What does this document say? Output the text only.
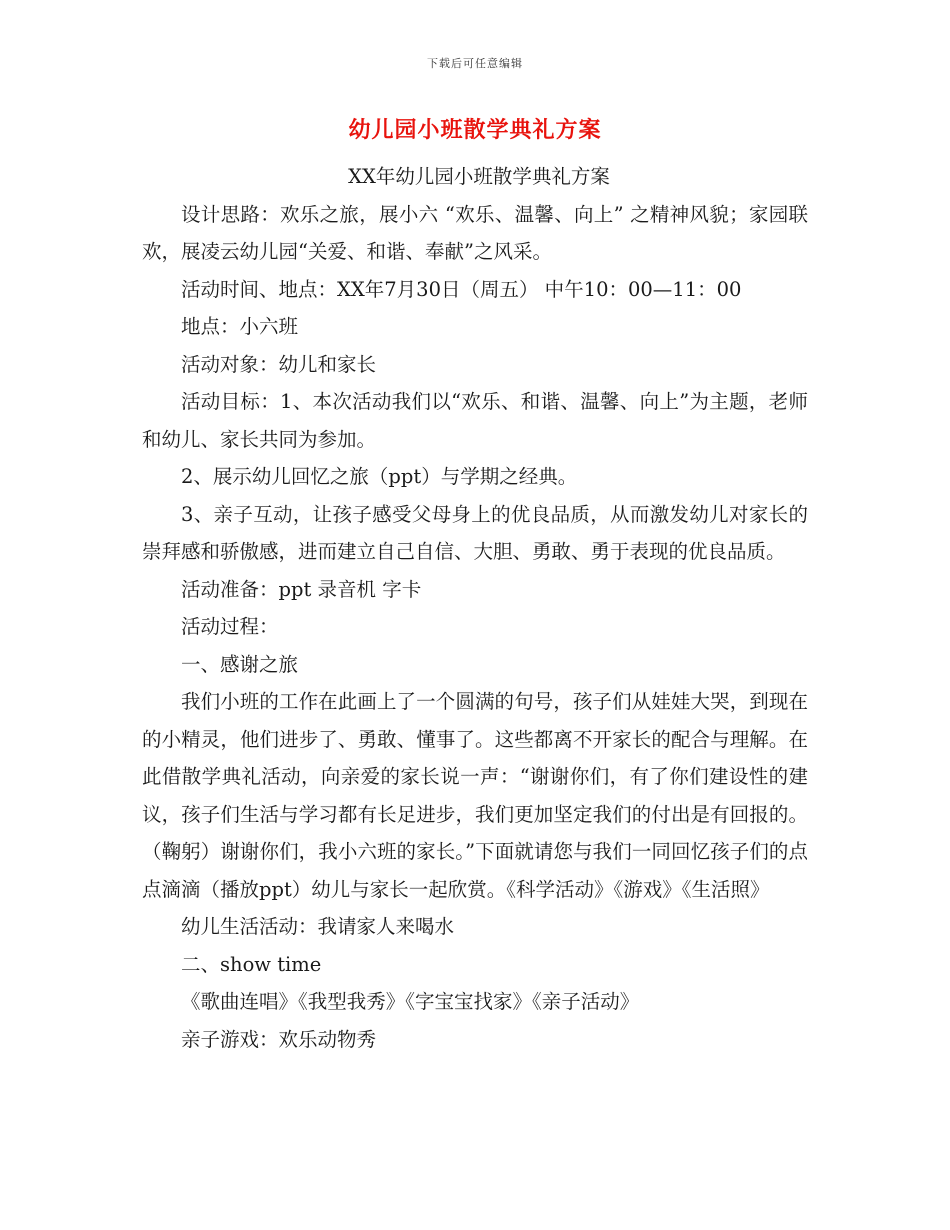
下载后可任意编辑
幼儿园小班散学典礼方案

XX年幼儿园小班散学典礼方案

设计思路：欢乐之旅，展小六 “欢乐、温馨、向上” 之精神风貌；家园联欢，展凌云幼儿园“关爱、和谐、奉献”之风采。

活动时间、地点：XX年7月30日（周五） 中午10：00—11：00

地点：小六班

活动对象：幼儿和家长

活动目标：1、本次活动我们以“欢乐、和谐、温馨、向上”为主题，老师和幼儿、家长共同为参加。

2、展示幼儿回忆之旅（ppt）与学期之经典。

3、亲子互动，让孩子感受父母身上的优良品质，从而激发幼儿对家长的崇拜感和骄傲感，进而建立自己自信、大胆、勇敢、勇于表现的优良品质。

活动准备：ppt 录音机 字卡

活动过程：

一、感谢之旅

我们小班的工作在此画上了一个圆满的句号，孩子们从娃娃大哭，到现在的小精灵，他们进步了、勇敢、懂事了。这些都离不开家长的配合与理解。在此借散学典礼活动，向亲爱的家长说一声：“谢谢你们，有了你们建设性的建议，孩子们生活与学习都有长足进步，我们更加坚定我们的付出是有回报的。（鞠躬）谢谢你们，我小六班的家长。”下面就请您与我们一同回忆孩子们的点点滴滴（播放ppt）幼儿与家长一起欣赏。《科学活动》《游戏》《生活照》

幼儿生活活动：我请家人来喝水

二、show time

《歌曲连唱》《我型我秀》《字宝宝找家》《亲子活动》

亲子游戏：欢乐动物秀
